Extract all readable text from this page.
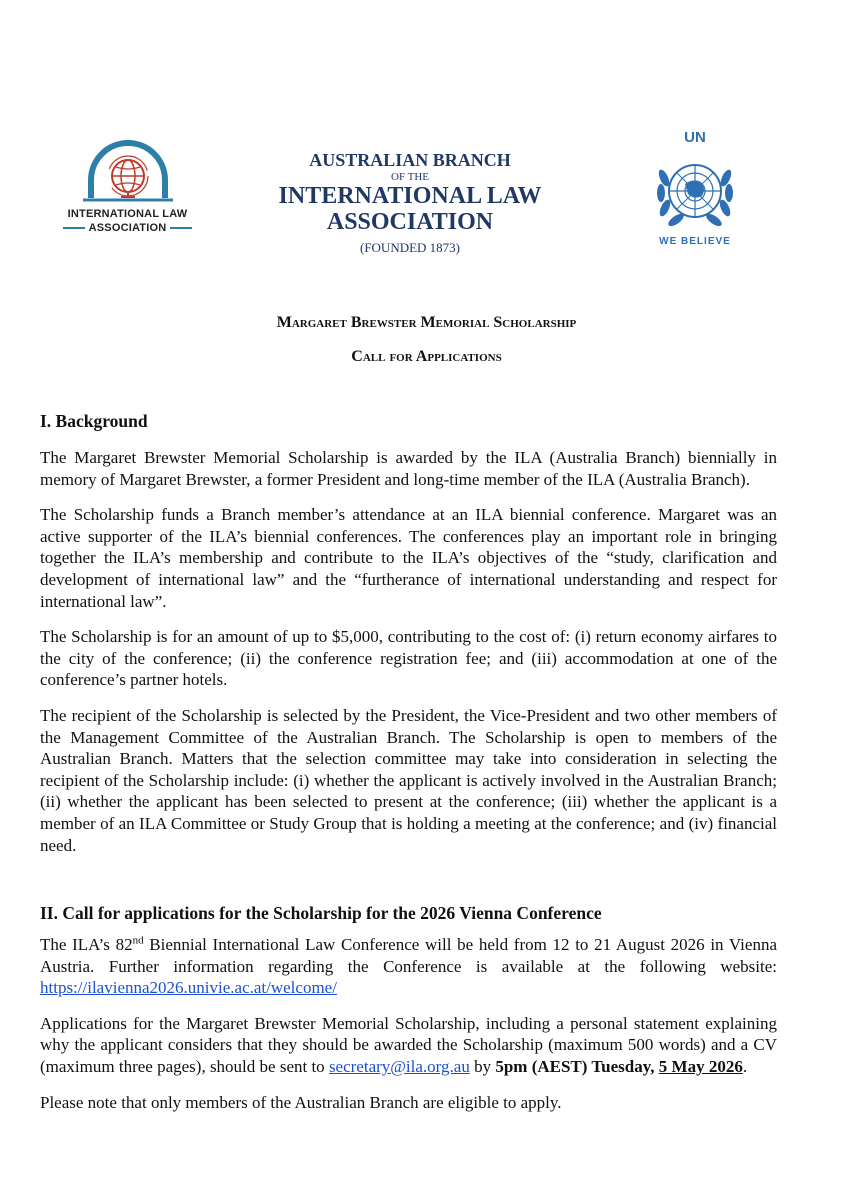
INTERNATIONAL LAW
ASSOCIATION
AUSTRALIAN BRANCH
OF THE
INTERNATIONAL LAW
ASSOCIATION
(FOUNDED 1873)
UN
WE BELIEVE
Margaret Brewster Memorial Scholarship
Call for Applications
I. Background

The Margaret Brewster Memorial Scholarship is awarded by the ILA (Australia Branch) biennially in memory of Margaret Brewster, a former President and long-time member of the ILA (Australia Branch).

The Scholarship funds a Branch member’s attendance at an ILA biennial conference. Margaret was an active supporter of the ILA’s biennial conferences. The conferences play an important role in bringing together the ILA’s membership and contribute to the ILA’s objectives of the “study, clarification and development of international law” and the “furtherance of international understanding and respect for international law”.

The Scholarship is for an amount of up to $5,000, contributing to the cost of: (i) return economy airfares to the city of the conference; (ii) the conference registration fee; and (iii) accommodation at one of the conference’s partner hotels.

The recipient of the Scholarship is selected by the President, the Vice-President and two other members of the Management Committee of the Australian Branch. The Scholarship is open to members of the Australian Branch. Matters that the selection committee may take into consideration in selecting the recipient of the Scholarship include: (i) whether the applicant is actively involved in the Australian Branch; (ii) whether the applicant has been selected to present at the conference; (iii) whether the applicant is a member of an ILA Committee or Study Group that is holding a meeting at the conference; and (iv) financial need.

II. Call for applications for the Scholarship for the 2026 Vienna Conference

The ILA’s 82nd Biennial International Law Conference will be held from 12 to 21 August 2026 in Vienna Austria. Further information regarding the Conference is available at the following website: https://ilavienna2026.univie.ac.at/welcome/

Applications for the Margaret Brewster Memorial Scholarship, including a personal statement explaining why the applicant considers that they should be awarded the Scholarship (maximum 500 words) and a CV (maximum three pages), should be sent to secretary@ila.org.au by 5pm (AEST) Tuesday, 5 May 2026.

Please note that only members of the Australian Branch are eligible to apply.
